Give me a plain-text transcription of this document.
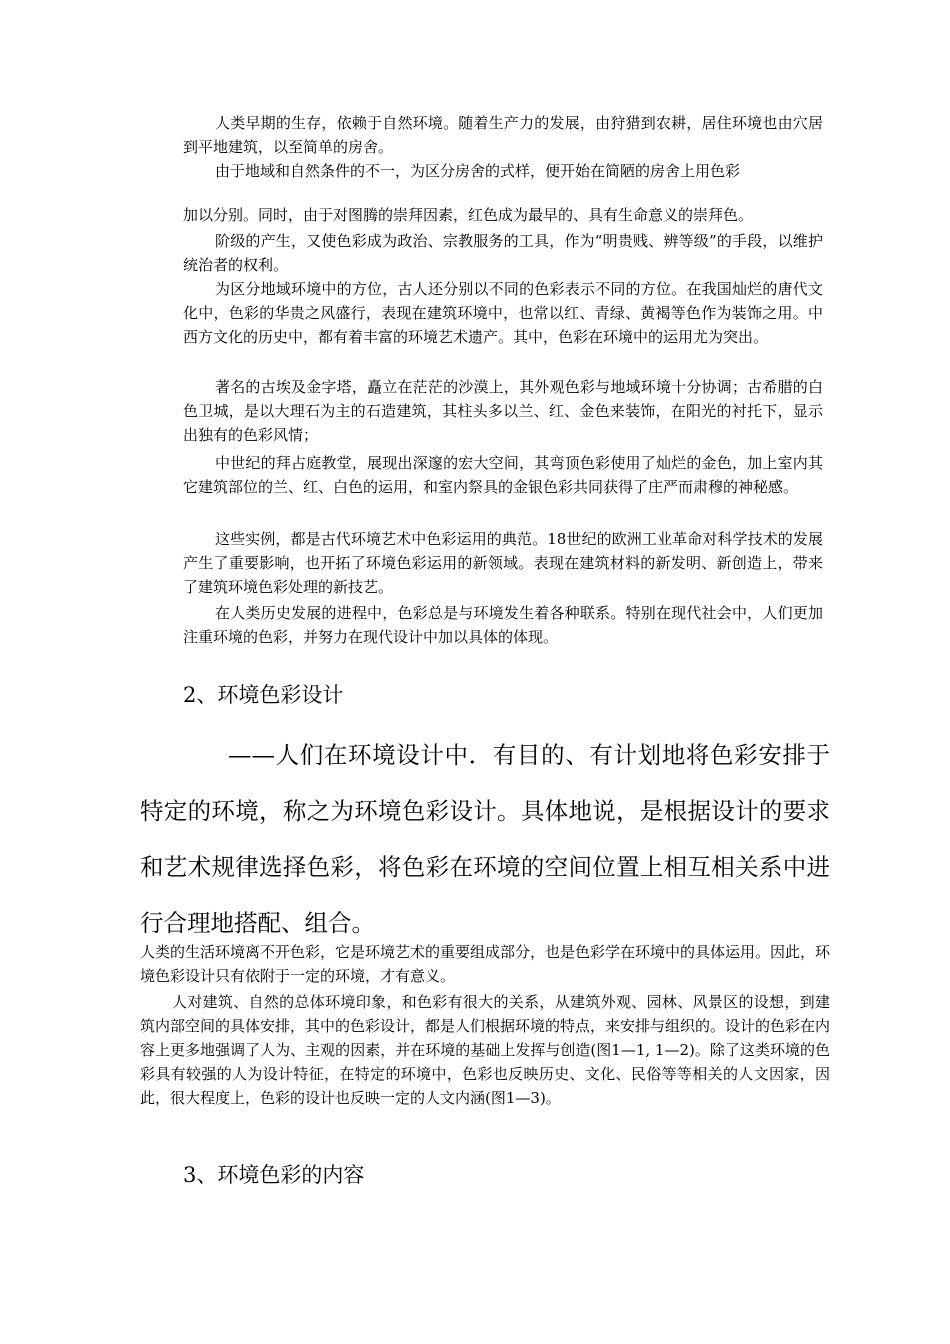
人类早期的生存，依赖于自然环境。随着生产力的发展，由狩猎到农耕，居住环境也由穴居到平地建筑，以至简单的房舍。

由于地域和自然条件的不一，为区分房舍的式样，便开始在简陋的房舍上用色彩

加以分别。同时，由于对图腾的崇拜因素，红色成为最早的、具有生命意义的崇拜色。

阶级的产生，又使色彩成为政治、宗教服务的工具，作为“明贵贱、辨等级”的手段，以维护统治者的权利。

为区分地域环境中的方位，古人还分别以不同的色彩表示不同的方位。在我国灿烂的唐代文化中，色彩的华贵之风盛行，表现在建筑环境中，也常以红、青绿、黄褐等色作为装饰之用。中西方文化的历史中，都有着丰富的环境艺术遗产。其中，色彩在环境中的运用尤为突出。

著名的古埃及金字塔，矗立在茫茫的沙漠上，其外观色彩与地域环境十分协调；古希腊的白色卫城，是以大理石为主的石造建筑，其柱头多以兰、红、金色来装饰，在阳光的衬托下，显示出独有的色彩风情；

中世纪的拜占庭教堂，展现出深邃的宏大空间，其弯顶色彩使用了灿烂的金色，加上室内其它建筑部位的兰、红、白色的运用，和室内祭具的金银色彩共同获得了庄严而肃穆的神秘感。

这些实例，都是古代环境艺术中色彩运用的典范。18世纪的欧洲工业革命对科学技术的发展产生了重要影响，也开拓了环境色彩运用的新领域。表现在建筑材料的新发明、新创造上，带来了建筑环境色彩处理的新技艺。

在人类历史发展的进程中，色彩总是与环境发生着各种联系。特别在现代社会中，人们更加注重环境的色彩，并努力在现代设计中加以具体的体现。

2、环境色彩设计

——人们在环境设计中．有目的、有计划地将色彩安排于特定的环境，称之为环境色彩设计。具体地说，是根据设计的要求和艺术规律选择色彩，将色彩在环境的空间位置上相互相关系中进行合理地搭配、组合。

人类的生活环境离不开色彩，它是环境艺术的重要组成部分，也是色彩学在环境中的具体运用。因此，环境色彩设计只有依附于一定的环境，才有意义。

人对建筑、自然的总体环境印象，和色彩有很大的关系，从建筑外观、园林、风景区的设想，到建筑内部空间的具体安排，其中的色彩设计，都是人们根据环境的特点，来安排与组织的。设计的色彩在内容上更多地强调了人为、主观的因素，并在环境的基础上发挥与创造(图1—1, 1—2)。除了这类环境的色彩具有较强的人为设计特征，在特定的环境中，色彩也反映历史、文化、民俗等等相关的人文因家，因此，很大程度上，色彩的设计也反映一定的人文内涵(图1—3)。

3、环境色彩的内容
